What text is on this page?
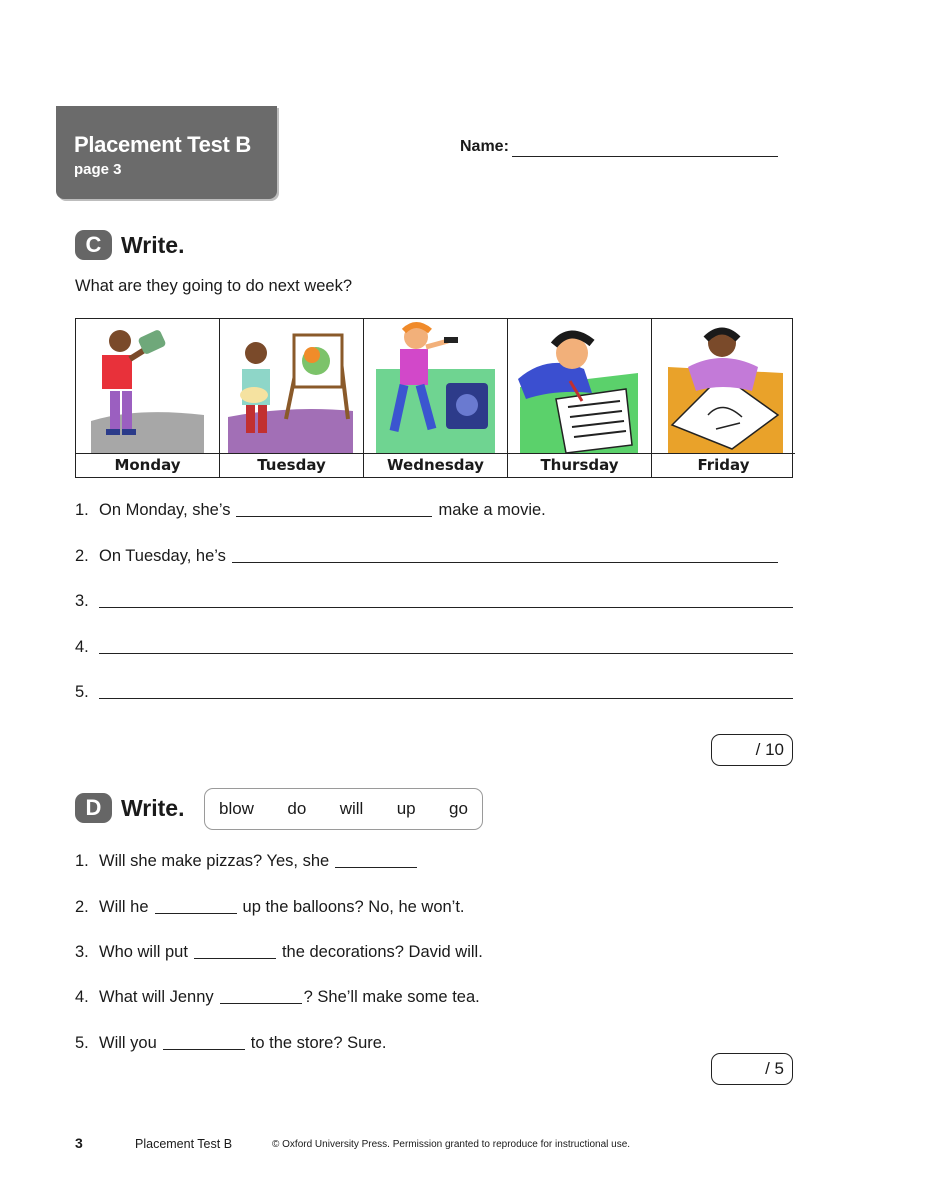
Placement Test B
page 3
Name:
C Write.
What are they going to do next week?
Monday	Tuesday	Wednesday	Thursday	Friday
1. On Monday, she’s	make a movie.
2. On Tuesday, he’s
3.
4.
5.
/ 10
D Write. blow do will up go
1. Will she make pizzas? Yes, she
2. Will he	up the balloons? No, he won’t.
3. Who will put	the decorations? David will.
4. What will Jenny	? She’ll make some tea.
5. Will you	to the store? Sure.
/ 5
3	Placement Test B	© Oxford University Press. Permission granted to reproduce for instructional use.
